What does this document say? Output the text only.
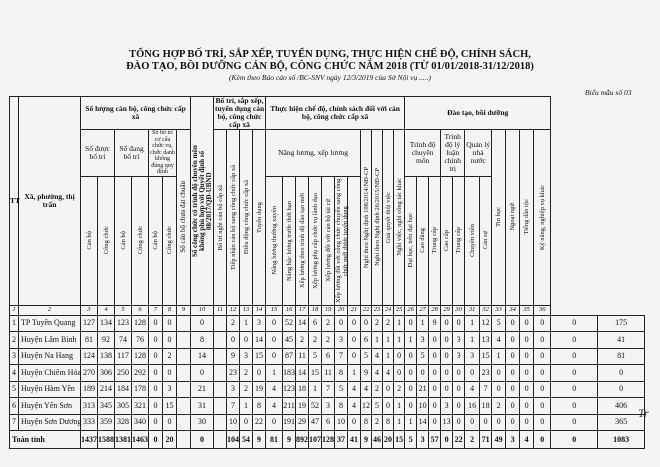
TỔNG HỢP BỐ TRÍ, SẮP XẾP, TUYỂN DỤNG, THỰC HIỆN CHẾ ĐỘ, CHÍNH SÁCH,
ĐÀO TẠO, BỒI DƯỠNG CÁN BỘ, CÔNG CHỨC NĂM 2018 (TỪ 01/01/2018-31/12/2018)
(Kèm theo Báo cáo số /BC-SNV ngày 12/3/2019 của Sở Nội vụ .....)
Biểu mẫu số 03
TT	Xã, phường, thị trấn	Số lượng cán bộ, công chức cấp xã							Số công chức có trình độ chuyên môn không phù hợp với Quyết định số 08/2017/QĐ-UBND	Bố trí, sắp xếp, tuyển dụng cán bộ, công chức cấp xã				Thực hiện chế độ, chính sách đối với cán bộ, công chức cấp xã											Đào tạo, bồi dưỡng												
		Số được bố trí		Số đang bố trí		Số bố trí cơ cấu chức vụ, chức danh không đúng quy định		Số cán bộ chưa đạt chuẩn		Bố trí nghỉ cán bộ cấp xã	Tiếp nhận cán bộ sang công chức cấp xã	Điều động công chức cấp xã	Tuyển dụng	Nâng lương, xếp lương							Nghỉ theo Nghị định 108/2014/NĐ-CP	Nghỉ theo Nghị định 26/2015/NĐ-CP	Giải quyết thôi việc	Nghỉ việc, nghỉ công tác khác	Trình độ chuyên môn			Trình độ lý luận chính trị		Quản lý nhà nước		Tin học	Ngoại ngữ	Tiếng dân tộc	Kỹ năng, nghiệp vụ khác		

		Cán bộ	Công chức	Cán bộ	Công chức	Cán bộ	Công chức							Nâng lương thường xuyên	Nâng bậc lương trước thời hạn	Xếp lương theo trình độ đào tạo mới	Xếp lương phụ cấp chức vụ lãnh đạo	Xếp lương đối với cán bộ tái cử	Xếp lương đối với công chức chuyển sang công chức mới được tuyển dụng						Đại học, trên đại học	Cao đẳng	Trung cấp	Cao cấp	Trung cấp	Chuyên viên	Cán sự						

1	2	3	4	5	6	7	8	9	10	11	12	13	14	15	16	17	18	19	20	21	22	23	24	25	26	27	28	29	30	31	32	33	34	35	36		
1	TP Tuyên Quang	127	134	123	128	0	0		0		2	1	3	0	52	14	6	2	0	0	0	2	2	1	0	1	9	0	0	1	12	5	0	0	0	0	175
2	Huyện Lâm Bình	81	92	74	76	0	0		8		0	0	14	0	45	2	2	2	3	0	6	1	1	1	1	3	0	0	3	1	13	4	0	0	0	0	41
3	Huyện Na Hang	124	138	117	128	0	2		14		9	3	15	0	87	11	5	6	7	0	5	4	1	0	0	5	0	0	3	3	15	1	0	0	0	0	81
4	Huyện Chiêm Hóa	270	306	250	292	0	0		0		23	2	0	1	183	14	15	11	8	1	9	4	4	0	0	0	0	0	0	0	23	0	0	0	0	0	0
5	Huyện Hàm Yên	189	214	184	178	0	3		21		3	2	19	4	123	18	1	7	5	4	4	2	0	2	0	21	0	0	0	4	7	0	0	0	0	0	0
6	Huyện Yên Sơn	313	345	305	321	0	15		31		7	1	8	4	211	19	52	3	8	4	12	5	0	1	0	10	0	3	0	16	18	2	0	0	0	0	406
7	Huyện Sơn Dương	333	359	328	340	0	0		30		10	0	22	0	191	29	47	6	10	0	8	2	8	1	1	14	0	13	0	0	0	0	0	0	0	0	365
Toàn tỉnh		1437	1588	1381	1463	0	20		0		104	54	9	81	9	892	107	128	37	41	9	46	20	15	5	3	57	0	22	2	71	49	3	4	0	0	1083
Tr
